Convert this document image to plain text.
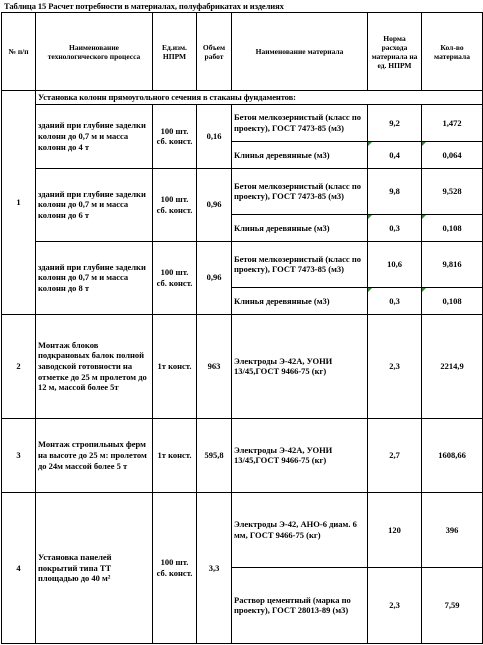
Таблица 15 Расчет потребности в материалах, полуфабрикатах и изделиях
№ п/п	Наименование технологического процесса	Ед.изм. НПРМ	Объем работ	Наименование материала	Норма расхода материала на ед. НПРМ	Кол-во материала
1	Установка колонн прямоугольного сечения в стаканы фундаментов:					
	зданий при глубине заделки колонн до 0,7 м и масса колонн до 4 т	100 шт. сб. конст.	0,16	Бетон мелкозернистый (класс по проекту), ГОСТ 7473-85 (м3)	9,2	1,472
				Клинья деревянные (м3)	0,4	0,064
	зданий при глубине заделки колонн до 0,7 м и масса колонн до 6 т	100 шт. сб. конст.	0,96	Бетон мелкозернистый (класс по проекту), ГОСТ 7473-85 (м3)	9,8	9,528
				Клинья деревянные (м3)	0,3	0,108
	зданий при глубине заделки колонн до 0,7 м и масса колонн до 8 т	100 шт. сб. конст.	0,96	Бетон мелкозернистый (класс по проекту), ГОСТ 7473-85 (м3)	10,6	9,816
				Клинья деревянные (м3)	0,3	0,108
2	Монтаж блоков подкрановых балок полной заводской готовности на отметке до 25 м пролетом до 12 м, массой более 5т	1т конст.	963	Электроды Э-42А, УОНИ 13/45,ГОСТ 9466-75 (кг)	2,3	2214,9
3	Монтаж стропильных ферм на высоте до 25 м: пролетом до 24м массой более 5 т	1т конст.	595,8	Электроды Э-42А, УОНИ 13/45,ГОСТ 9466-75 (кг)	2,7	1608,66
4	Установка панелей покрытий типа ТТ площадью до 40 м²	100 шт. сб. конст.	3,3	Электроды Э-42, АНО-6 диам. 6 мм, ГОСТ 9466-75 (кг)	120	396
				Раствор цементный (марка по проекту), ГОСТ 28013-89 (м3)	2,3	7,59
